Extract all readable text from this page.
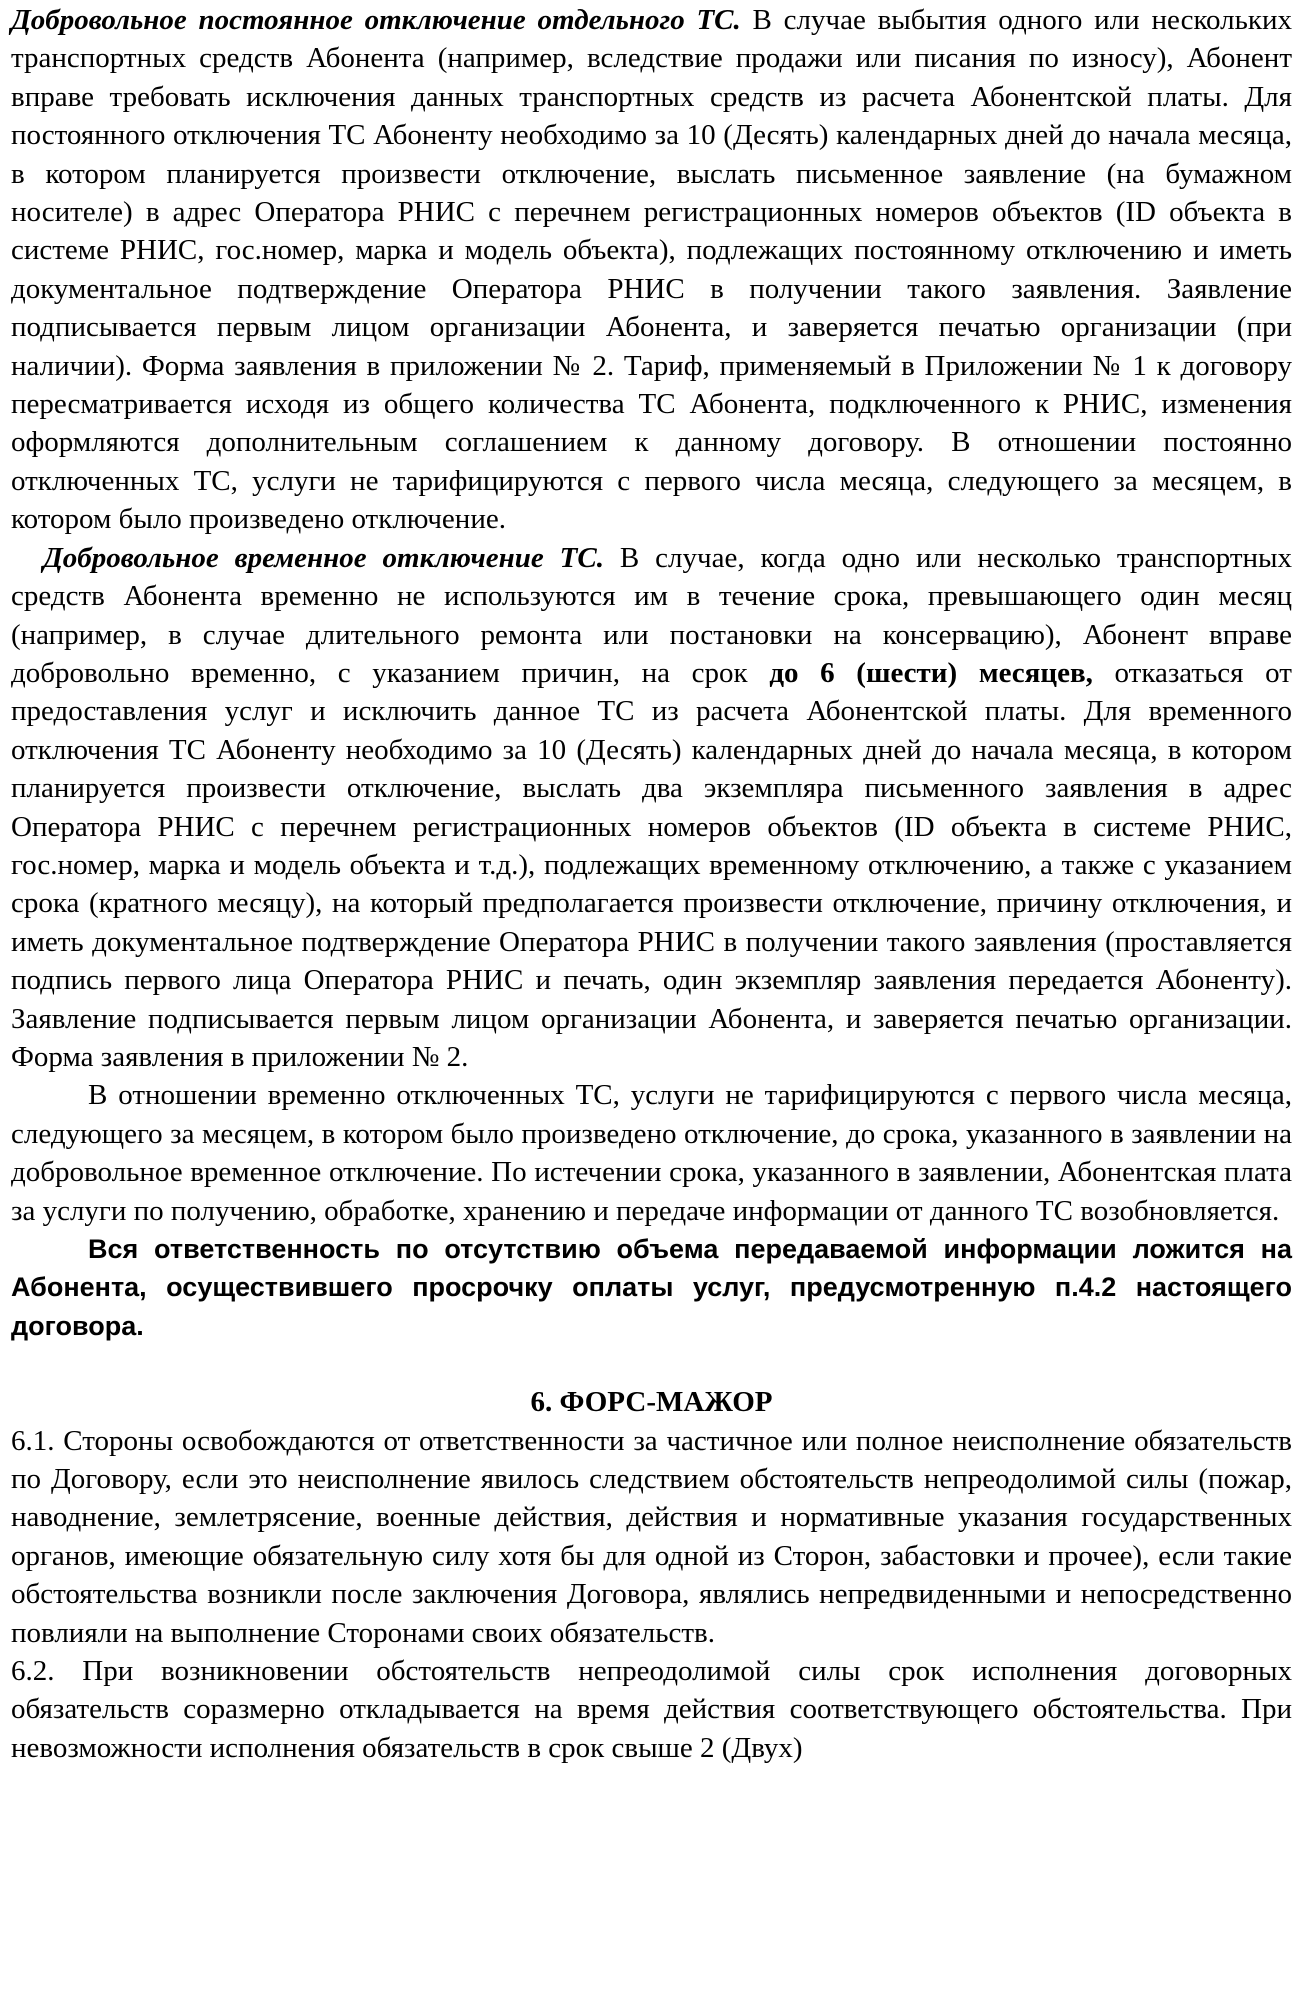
Добровольное постоянное отключение отдельного ТС. В случае выбытия одного или нескольких транспортных средств Абонента (например, вследствие продажи или писания по износу), Абонент вправе требовать исключения данных транспортных средств из расчета Абонентской платы. Для постоянного отключения ТС Абоненту необходимо за 10 (Десять) календарных дней до начала месяца, в котором планируется произвести отключение, выслать письменное заявление (на бумажном носителе) в адрес Оператора РНИС с перечнем регистрационных номеров объектов (ID объекта в системе РНИС, гос.номер, марка и модель объекта), подлежащих постоянному отключению и иметь документальное подтверждение Оператора РНИС в получении такого заявления. Заявление подписывается первым лицом организации Абонента, и заверяется печатью организации (при наличии). Форма заявления в приложении № 2. Тариф, применяемый в Приложении № 1 к договору пересматривается исходя из общего количества ТС Абонента, подключенного к РНИС, изменения оформляются дополнительным соглашением к данному договору. В отношении постоянно отключенных ТС, услуги не тарифицируются с первого числа месяца, следующего за месяцем, в котором было произведено отключение.

Добровольное временное отключение ТС. В случае, когда одно или несколько транспортных средств Абонента временно не используются им в течение срока, превышающего один месяц (например, в случае длительного ремонта или постановки на консервацию), Абонент вправе добровольно временно, с указанием причин, на срок до 6 (шести) месяцев, отказаться от предоставления услуг и исключить данное ТС из расчета Абонентской платы. Для временного отключения ТС Абоненту необходимо за 10 (Десять) календарных дней до начала месяца, в котором планируется произвести отключение, выслать два экземпляра письменного заявления в адрес Оператора РНИС с перечнем регистрационных номеров объектов (ID объекта в системе РНИС, гос.номер, марка и модель объекта и т.д.), подлежащих временному отключению, а также с указанием срока (кратного месяцу), на который предполагается произвести отключение, причину отключения, и иметь документальное подтверждение Оператора РНИС в получении такого заявления (проставляется подпись первого лица Оператора РНИС и печать, один экземпляр заявления передается Абоненту). Заявление подписывается первым лицом организации Абонента, и заверяется печатью организации. Форма заявления в приложении № 2.

В отношении временно отключенных ТС, услуги не тарифицируются с первого числа месяца, следующего за месяцем, в котором было произведено отключение, до срока, указанного в заявлении на добровольное временное отключение. По истечении срока, указанного в заявлении, Абонентская плата за услуги по получению, обработке, хранению и передаче информации от данного ТС возобновляется.

Вся ответственность по отсутствию объема передаваемой информации ложится на Абонента, осуществившего просрочку оплаты услуг, предусмотренную п.4.2 настоящего договора.

6. ФОРС-МАЖОР

6.1. Стороны освобождаются от ответственности за частичное или полное неисполнение обязательств по Договору, если это неисполнение явилось следствием обстоятельств непреодолимой силы (пожар, наводнение, землетрясение, военные действия, действия и нормативные указания государственных органов, имеющие обязательную силу хотя бы для одной из Сторон, забастовки и прочее), если такие обстоятельства возникли после заключения Договора, являлись непредвиденными и непосредственно повлияли на выполнение Сторонами своих обязательств.

6.2. При возникновении обстоятельств непреодолимой силы срок исполнения договорных обязательств соразмерно откладывается на время действия соответствующего обстоятельства. При невозможности исполнения обязательств в срок свыше 2 (Двух)
